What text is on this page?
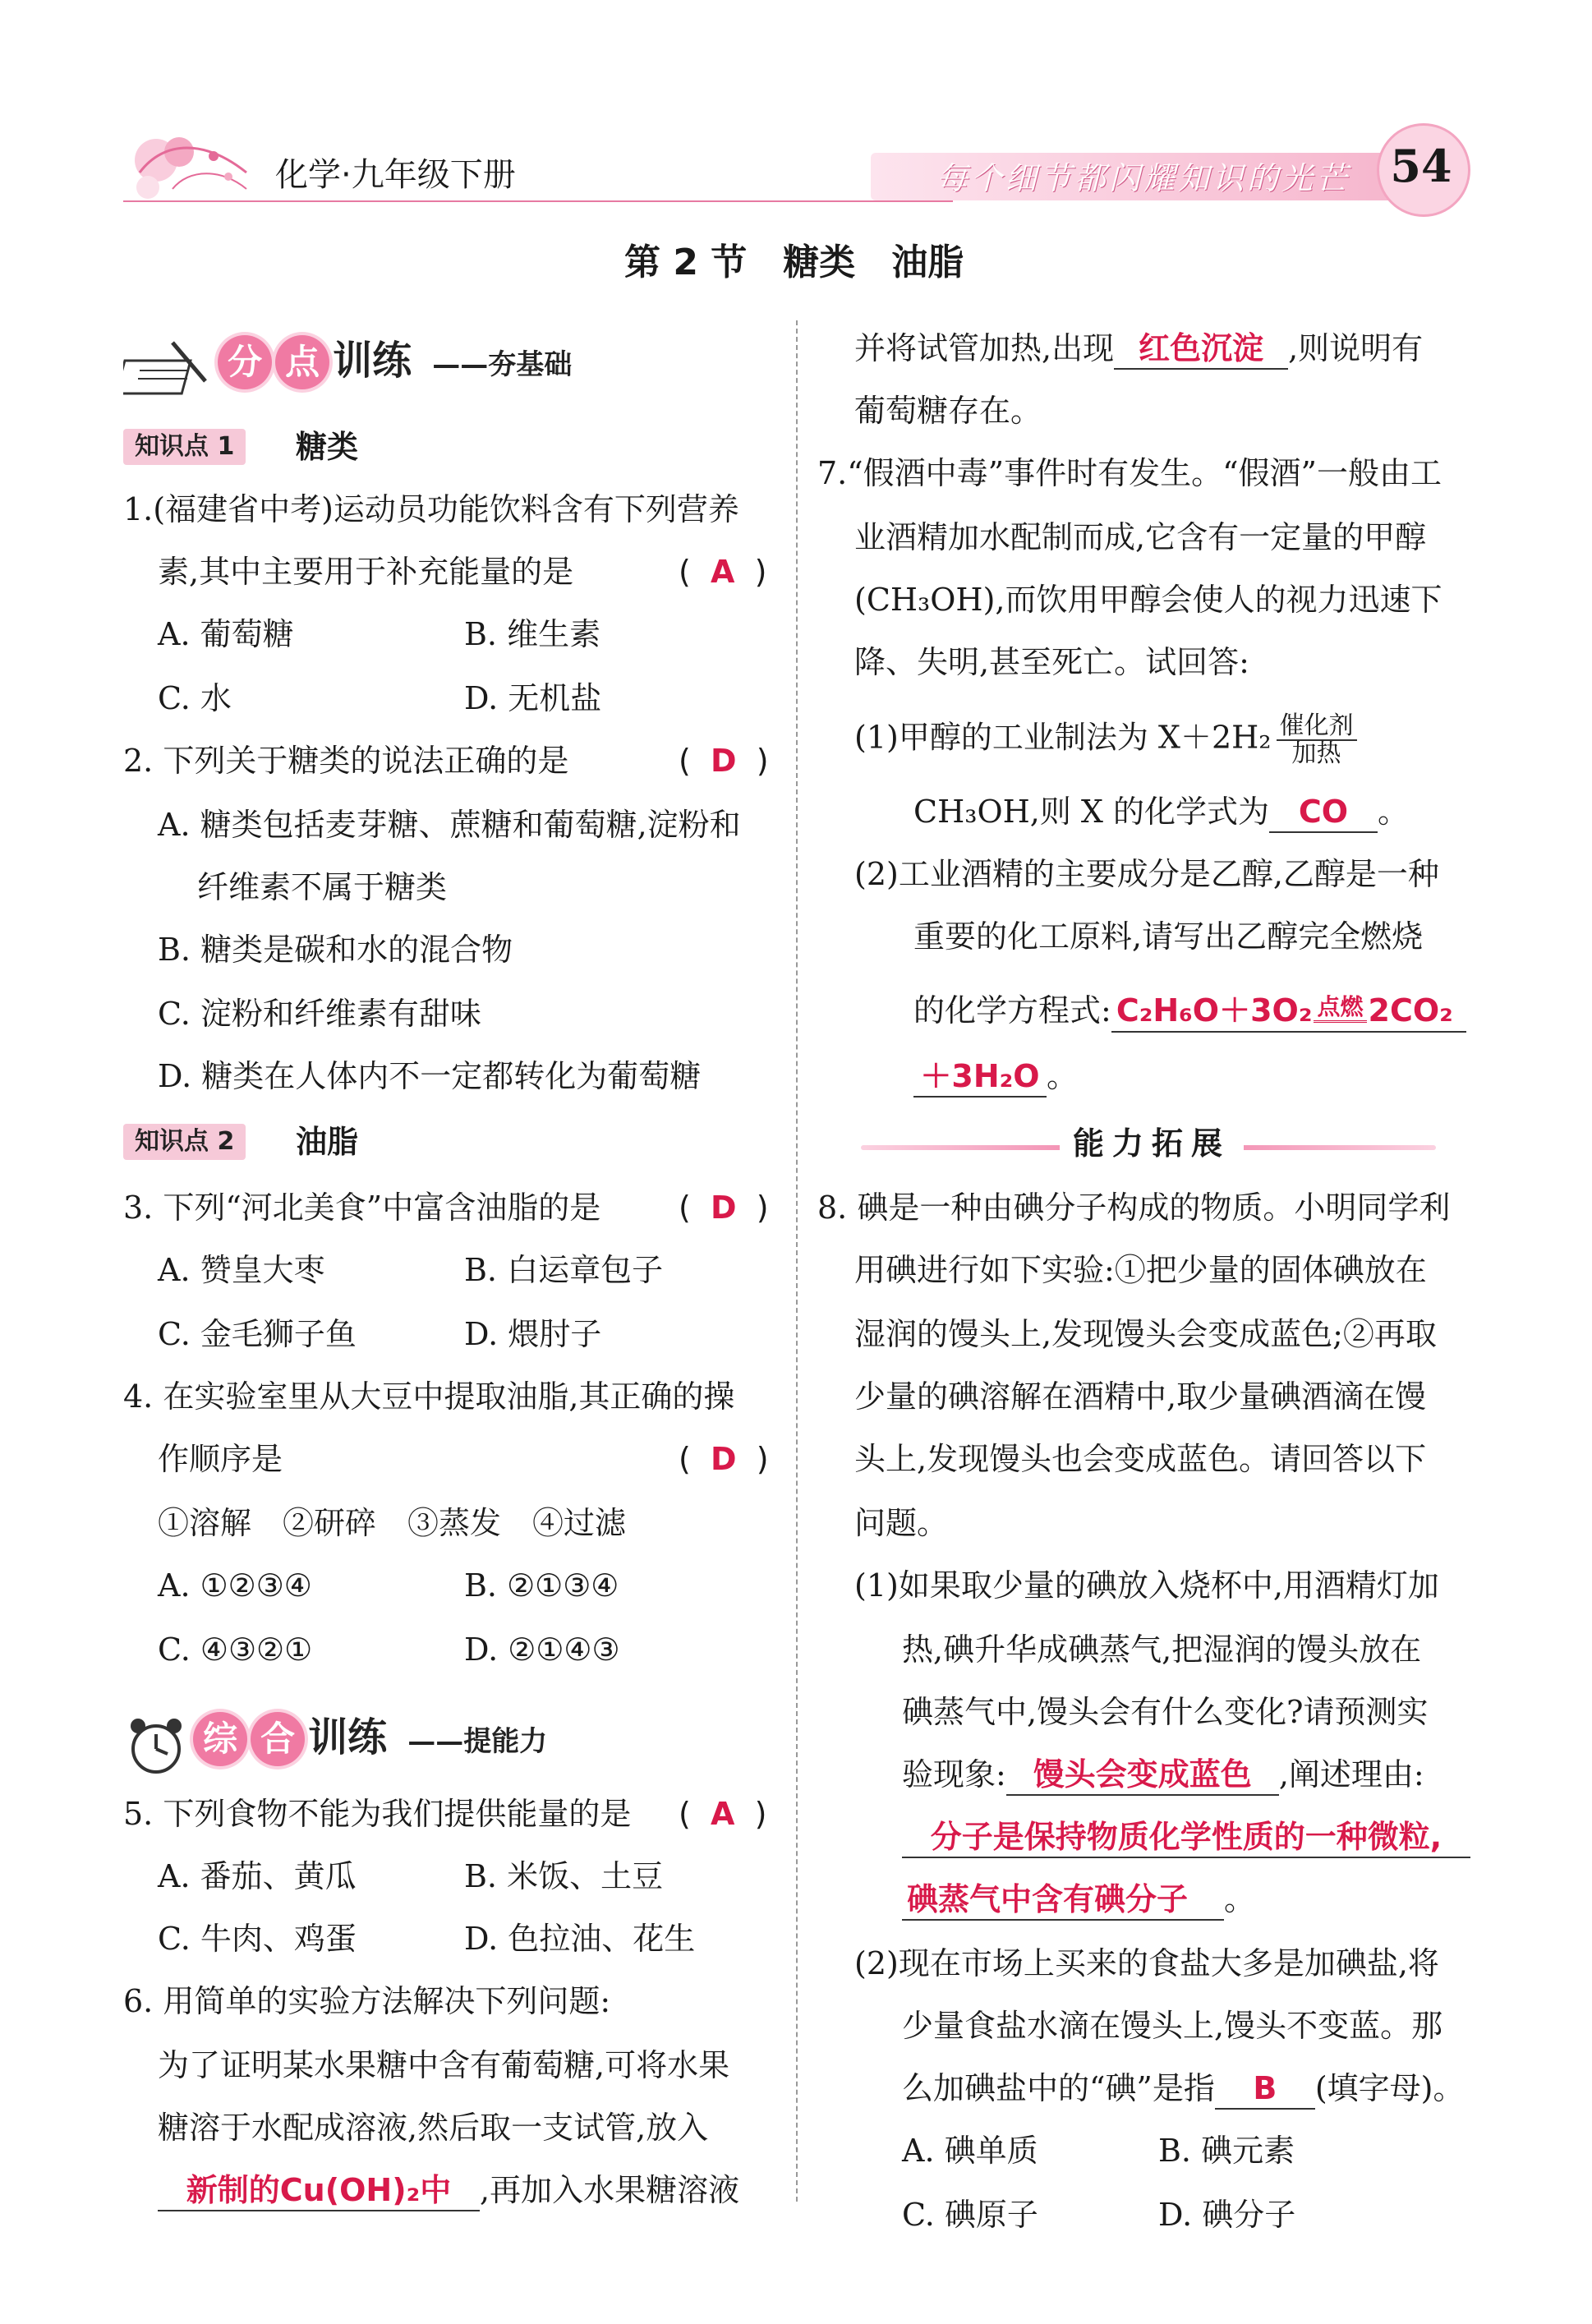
化学·九年级下册	每个细节都闪耀知识的光芒 54
第 2 节　糖类　油脂
分 点 训练 ——夯基础
知识点 1	糖类
1.(福建省中考)运动员功能饮料含有下列营养
素,其中主要用于补充能量的是	( A )
A. 葡萄糖	B. 维生素
C. 水	D. 无机盐
2. 下列关于糖类的说法正确的是	( D )
A. 糖类包括麦芽糖、蔗糖和葡萄糖,淀粉和
纤维素不属于糖类
B. 糖类是碳和水的混合物
C. 淀粉和纤维素有甜味
D. 糖类在人体内不一定都转化为葡萄糖
知识点 2	油脂
3. 下列“河北美食”中富含油脂的是 ( D )
A. 赞皇大枣	B. 白运章包子
C. 金毛狮子鱼	D. 煨肘子
4. 在实验室里从大豆中提取油脂,其正确的操
作顺序是	( D )
①溶解　②研碎　③蒸发　④过滤
A. ①②③④	B. ②①③④
C. ④③②①	D. ②①④③
综 合 训练 ——提能力
5. 下列食物不能为我们提供能量的是 ( A )
A. 番茄、黄瓜	B. 米饭、土豆
C. 牛肉、鸡蛋	D. 色拉油、花生
6. 用简单的实验方法解决下列问题:
为了证明某水果糖中含有葡萄糖,可将水果
糖溶于水配成溶液,然后取一支试管,放入
新制的Cu(OH)₂中 ,再加入水果糖溶液
并将试管加热,出现 红色沉淀 ,则说明有
葡萄糖存在。
7.“假酒中毒”事件时有发生。“假酒”一般由工
业酒精加水配制而成,它含有一定量的甲醇
(CH₃OH),而饮用甲醇会使人的视力迅速下
降、失明,甚至死亡。试回答:
(1)甲醇的工业制法为 $X+2H_2 \frac{\text{催化剂}}{\text{加热}}$
CH₃OH,则 X 的化学式为 CO 。
(2)工业酒精的主要成分是乙醇,乙醇是一种
重要的化工原料,请写出乙醇完全燃烧
的化学方程式: C₂H₆O＋3O₂ 点燃 2CO₂
＋3H₂O 。
能力拓展
8. 碘是一种由碘分子构成的物质。小明同学利
用碘进行如下实验:①把少量的固体碘放在
湿润的馒头上,发现馒头会变成蓝色;②再取
少量的碘溶解在酒精中,取少量碘酒滴在馒
头上,发现馒头也会变成蓝色。请回答以下
问题。
(1)如果取少量的碘放入烧杯中,用酒精灯加
热,碘升华成碘蒸气,把湿润的馒头放在
碘蒸气中,馒头会有什么变化?请预测实
验现象: 馒头会变成蓝色 ,阐述理由:
分子是保持物质化学性质的一种微粒,
碘蒸气中含有碘分子 。
(2)现在市场上买来的食盐大多是加碘盐,将
少量食盐水滴在馒头上,馒头不变蓝。那
么加碘盐中的“碘”是指 B (填字母)。
A. 碘单质	B. 碘元素
C. 碘原子	D. 碘分子
